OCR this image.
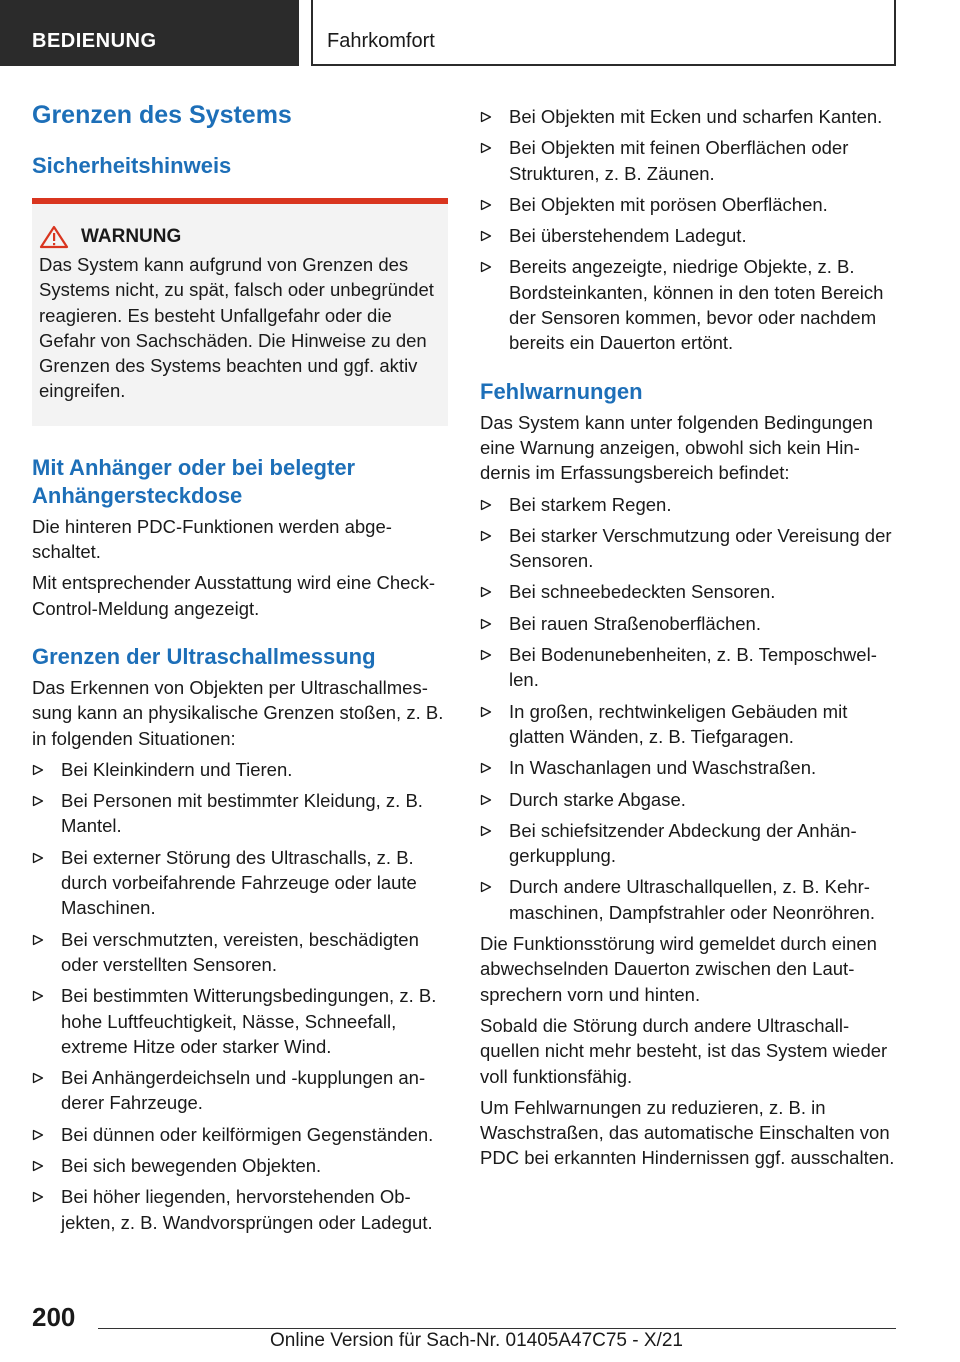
BEDIENUNG	Fahrkomfort
Grenzen des Systems
Sicherheitshinweis
WARNUNG
Das System kann aufgrund von Grenzen des Systems nicht, zu spät, falsch oder unbegründet reagieren. Es besteht Unfallgefahr oder die Gefahr von Sachschäden. Die Hinweise zu den Grenzen des Systems beachten und ggf. aktiv eingreifen.
Mit Anhänger oder bei belegter Anhängersteckdose

Die hinteren PDC-Funktionen werden abgeschaltet.

Mit entsprechender Ausstattung wird eine Check-Control-Meldung angezeigt.

Grenzen der Ultraschallmessung

Das Erkennen von Objekten per Ultraschallmessung kann an physikalische Grenzen stoßen, z. B. in folgenden Situationen:

Bei Kleinkindern und Tieren.
Bei Personen mit bestimmter Kleidung, z. B. Mantel.
Bei externer Störung des Ultraschalls, z. B. durch vorbeifahrende Fahrzeuge oder laute Maschinen.
Bei verschmutzten, vereisten, beschädigten oder verstellten Sensoren.
Bei bestimmten Witterungsbedingungen, z. B. hohe Luftfeuchtigkeit, Nässe, Schneefall, extreme Hitze oder starker Wind.
Bei Anhängerdeichseln und -kupplungen anderer Fahrzeuge.
Bei dünnen oder keilförmigen Gegenständen.
Bei sich bewegenden Objekten.
Bei höher liegenden, hervorstehenden Objekten, z. B. Wandvorsprüngen oder Ladegut.
Bei Objekten mit Ecken und scharfen Kanten.
Bei Objekten mit feinen Oberflächen oder Strukturen, z. B. Zäunen.
Bei Objekten mit porösen Oberflächen.
Bei überstehendem Ladegut.
Bereits angezeigte, niedrige Objekte, z. B. Bordsteinkanten, können in den toten Bereich der Sensoren kommen, bevor oder nachdem bereits ein Dauerton ertönt.
Fehlwarnungen

Das System kann unter folgenden Bedingungen eine Warnung anzeigen, obwohl sich kein Hindernis im Erfassungsbereich befindet:

Bei starkem Regen.
Bei starker Verschmutzung oder Vereisung der Sensoren.
Bei schneebedeckten Sensoren.
Bei rauen Straßenoberflächen.
Bei Bodenunebenheiten, z. B. Temposchwellen.
In großen, rechtwinkeligen Gebäuden mit glatten Wänden, z. B. Tiefgaragen.
In Waschanlagen und Waschstraßen.
Durch starke Abgase.
Bei schiefsitzender Abdeckung der Anhängerkupplung.
Durch andere Ultraschallquellen, z. B. Kehrmaschinen, Dampfstrahler oder Neonröhren.

Die Funktionsstörung wird gemeldet durch einen abwechselnden Dauerton zwischen den Lautsprechern vorn und hinten.

Sobald die Störung durch andere Ultraschallquellen nicht mehr besteht, ist das System wieder voll funktionsfähig.

Um Fehlwarnungen zu reduzieren, z. B. in Waschstraßen, das automatische Einschalten von PDC bei erkannten Hindernissen ggf. ausschalten.

200
Online Version für Sach-Nr. 01405A47C75 - X/21
